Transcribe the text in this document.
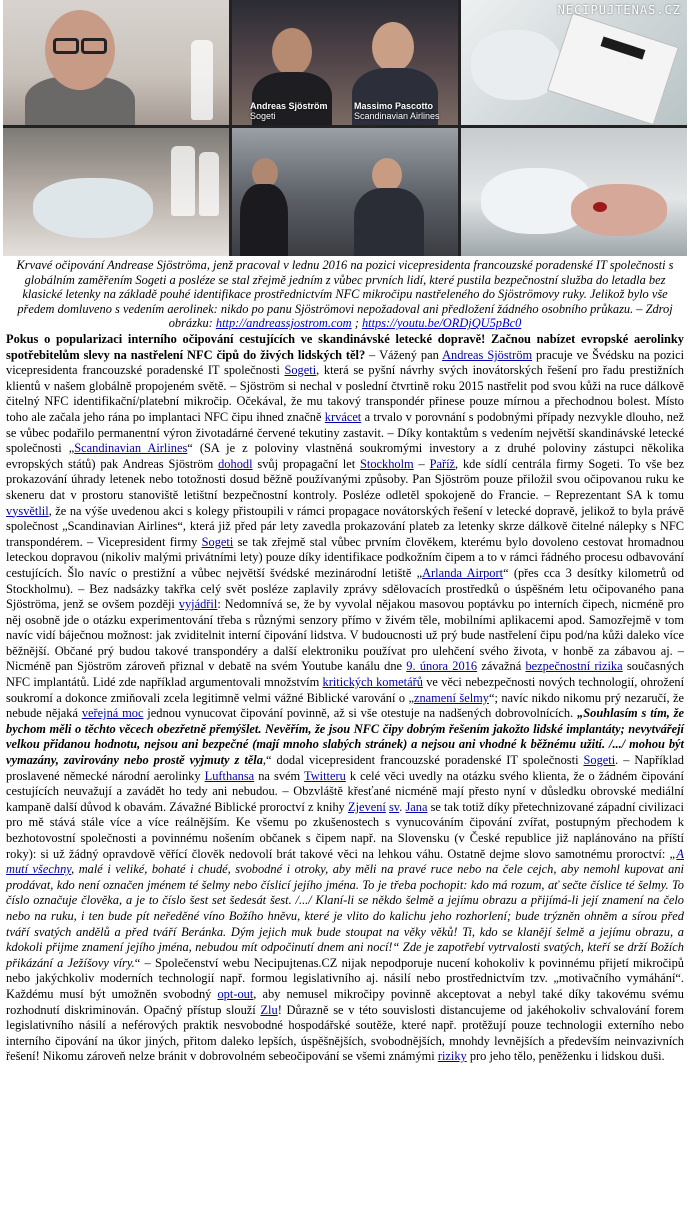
Andreas Sjöström
Sogeti
Massimo Pascotto
Scandinavian Airlines
NECIPUJTENAS.CZ
Krvavé očipování Andrease Sjöströma, jenž pracoval v lednu 2016 na pozici vicepresidenta francouzské poradenské IT společnosti s globálním zaměřením Sogeti a posléze se stal zřejmě jedním z vůbec prvních lidí, které pustila bezpečnostní služba do letadla bez klasické letenky na základě pouhé identifikace prostřednictvím NFC mikročipu nastřeleného do Sjöströmovy ruky. Jelikož bylo vše předem domluveno s vedením aerolinek: nikdo po panu Sjöströmovi nepožadoval ani předložení žádného osobního průkazu. – Zdroj obrázku: http://andreassjostrom.com ; https://youtu.be/ORDjQU5pBc0
Pokus o popularizaci interního očipování cestujících ve skandinávské letecké dopravě! Začnou nabízet evropské aerolinky spotřebitelům slevy na nastřelení NFC čipů do živých lidských těl? – Vážený pan Andreas Sjöström pracuje ve Švédsku na pozici vicepresidenta francouzské poradenské IT společnosti Sogeti, která se pyšní návrhy svých inovátorských řešení pro řadu prestižních klientů v našem globálně propojeném světě. – Sjöström si nechal v poslední čtvrtině roku 2015 nastřelit pod svou kůži na ruce dálkově čitelný NFC identifikační/platební mikročip. Očekával, že mu takový transpondér přinese pouze mírnou a přechodnou bolest. Místo toho ale začala jeho rána po implantaci NFC čipu ihned značně krvácet a trvalo v porovnání s podobnými případy nezvykle dlouho, než se vůbec podařilo permanentní výron životadárné červené tekutiny zastavit. – Díky kontaktům s vedením největší skandinávské letecké společnosti „Scandinavian Airlines“ (SA je z poloviny vlastněná soukromými investory a z druhé poloviny zástupci několika evropských států) pak Andreas Sjöström dohodl svůj propagační let Stockholm – Paříž, kde sídlí centrála firmy Sogeti. To vše bez prokazování úhrady letenek nebo totožnosti dosud běžně používanými způsoby. Pan Sjöström pouze přiložil svou očipovanou ruku ke skeneru dat v prostoru stanoviště letištní bezpečnostní kontroly. Posléze odletěl spokojeně do Francie. – Reprezentant SA k tomu vysvětlil, že na výše uvedenou akci s kolegy přistoupili v rámci propagace novátorských řešení v letecké dopravě, jelikož to byla právě společnost „Scandinavian Airlines“, která již před pár lety zavedla prokazování plateb za letenky skrze dálkově čitelné nálepky s NFC transpondérem. – Vicepresident firmy Sogeti se tak zřejmě stal vůbec prvním člověkem, kterému bylo dovoleno cestovat hromadnou leteckou dopravou (nikoliv malými privátními lety) pouze díky identifikace podkožním čipem a to v rámci řádného procesu odbavování cestujících. Šlo navíc o prestižní a vůbec největší švédské mezinárodní letiště „Arlanda Airport“ (přes cca 3 desítky kilometrů od Stockholmu). – Bez nadsázky takřka celý svět posléze zaplavily zprávy sdělovacích prostředků o úspěšném letu očipovaného pana Sjöströma, jenž se ovšem později vyjádřil: Nedomnívá se, že by vyvolal nějakou masovou poptávku po interních čipech, nicméně pro něj osobně jde o otázku experimentování třeba s různými senzory přímo v živém těle, mobilními aplikacemi apod. Samozřejmě v tom navíc vidí báječnou možnost: jak zviditelnit interní čipování lidstva. V budoucnosti už prý bude nastřelení čipu pod/na kůži daleko více běžnější. Občané prý budou takové transpondéry a další elektroniku používat pro ulehčení svého života, v honbě za zábavou aj. – Nicméně pan Sjöström zároveň přiznal v debatě na svém Youtube kanálu dne 9. února 2016 závažná bezpečnostní rizika současných NFC implantátů. Lidé zde například argumentovali množstvím kritických kometářů ve věci nebezpečnosti nových technologií, ohrožení soukromí a dokonce zmiňovali zcela legitimně velmi vážné Biblické varování o „znamení šelmy“; navíc nikdo nikomu prý nezaručí, že nebude nějaká veřejná moc jednou vynucovat čipování povinně, až si vše otestuje na nadšených dobrovolnících. „Souhlasím s tím, že bychom měli o těchto věcech obezřetně přemýšlet. Nevěřím, že jsou NFC čipy dobrým řešením jakožto lidské implantáty; nevytvářejí velkou přidanou hodnotu, nejsou ani bezpečné (mají mnoho slabých stránek) a nejsou ani vhodné k běžnému užití. /.../ mohou být vymazány, zavirovány nebo prostě vyjmuty z těla,“ dodal vicepresident francouzské poradenské IT společnosti Sogeti. – Například proslavené německé národní aerolinky Lufthansa na svém Twitteru k celé věci uvedly na otázku svého klienta, že o žádném čipování cestujících neuvažují a zavádět ho tedy ani nebudou. – Obzvláště křesťané nicméně mají přesto nyní v důsledku obrovské mediální kampaně další důvod k obavám. Závažné Biblické proroctví z knihy Zjevení sv. Jana se tak totiž díky přetechnizované západní civilizaci pro mě stává stále více a více reálnějším. Ke všemu po zkušenostech s vynucováním čipování zvířat, postupným přechodem k bezhotovostní společnosti a povinnému nošením občanek s čipem např. na Slovensku (v České republice již naplánováno na příští roky): si už žádný opravdově věřící člověk nedovolí brát takové věci na lehkou váhu. Ostatně dejme slovo samotnému proroctví: „A mutí všechny, malé i veliké, bohaté i chudé, svobodné i otroky, aby měli na pravé ruce nebo na čele cejch, aby nemohl kupovat ani prodávat, kdo není označen jménem té šelmy nebo číslicí jejího jména. To je třeba pochopit: kdo má rozum, ať sečte číslice té šelmy. To číslo označuje člověka, a je to číslo šest set šedesát šest. /.../ Klaní-li se někdo šelmě a jejímu obrazu a přijímá-li její znamení na čelo nebo na ruku, i ten bude pít neředěné víno Božího hněvu, které je vlito do kalichu jeho rozhorlení; bude trýzněn ohněm a sírou před tváří svatých andělů a před tváří Beránka. Dým jejich muk bude stoupat na věky věků! Ti, kdo se klanějí šelmě a jejímu obrazu, a kdokoli přijme znamení jejího jména, nebudou mít odpočinutí dnem ani nocí!“ Zde je zapotřebí vytrvalosti svatých, kteří se drží Božích přikázání a Ježíšovy víry.“ – Společenství webu Necipujtenas.CZ nijak nepodporuje nucení kohokoliv k povinnému přijetí mikročipů nebo jakýchkoliv moderních technologií např. formou legislativního aj. násilí nebo prostřednictvím tzv. „motivačního vymáhání“. Každému musí být umožněn svobodný opt-out, aby nemusel mikročipy povinně akceptovat a nebyl také díky takovému svému rozhodnutí diskriminován. Opačný přístup slouží Zlu! Důrazně se v této souvislosti distancujeme od jakéhokoliv schvalování forem legislativního násilí a neférových praktik nesvobodné hospodářské soutěže, které např. protěžují pouze technologii externího nebo interního čipování na úkor jiných, přitom daleko lepších, úspěšnějších, svobodnějších, mnohdy levnějších a především neinvazivních řešení! Nikomu zároveň nelze bránit v dobrovolném sebeočipování se všemi známými riziky pro jeho tělo, peněženku i lidskou duši.
